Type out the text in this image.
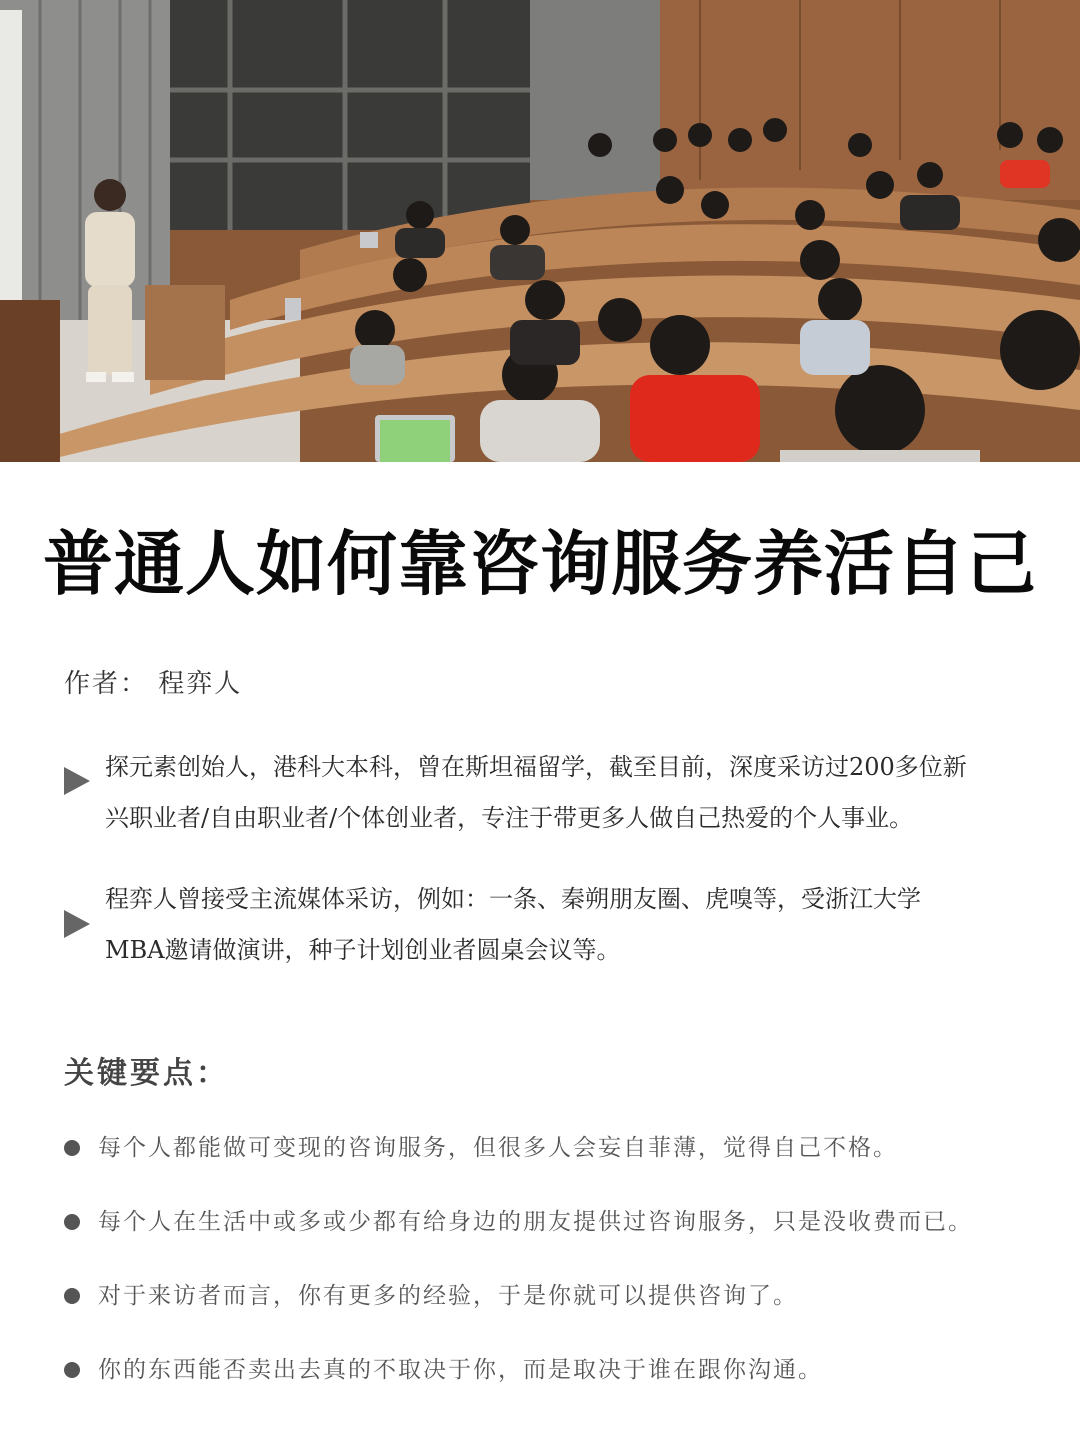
普通人如何靠咨询服务养活自己
作者： 程弈人
探元素创始人，港科大本科，曾在斯坦福留学，截至目前，深度采访过200多位新
兴职业者/自由职业者/个体创业者，专注于带更多人做自己热爱的个人事业。
程弈人曾接受主流媒体采访，例如：一条、秦朔朋友圈、虎嗅等，受浙江大学
MBA邀请做演讲，种子计划创业者圆桌会议等。
关键要点：
每个人都能做可变现的咨询服务，但很多人会妄自菲薄，觉得自己不格。
每个人在生活中或多或少都有给身边的朋友提供过咨询服务，只是没收费而已。
对于来访者而言，你有更多的经验，于是你就可以提供咨询了。
你的东西能否卖出去真的不取决于你，而是取决于谁在跟你沟通。
